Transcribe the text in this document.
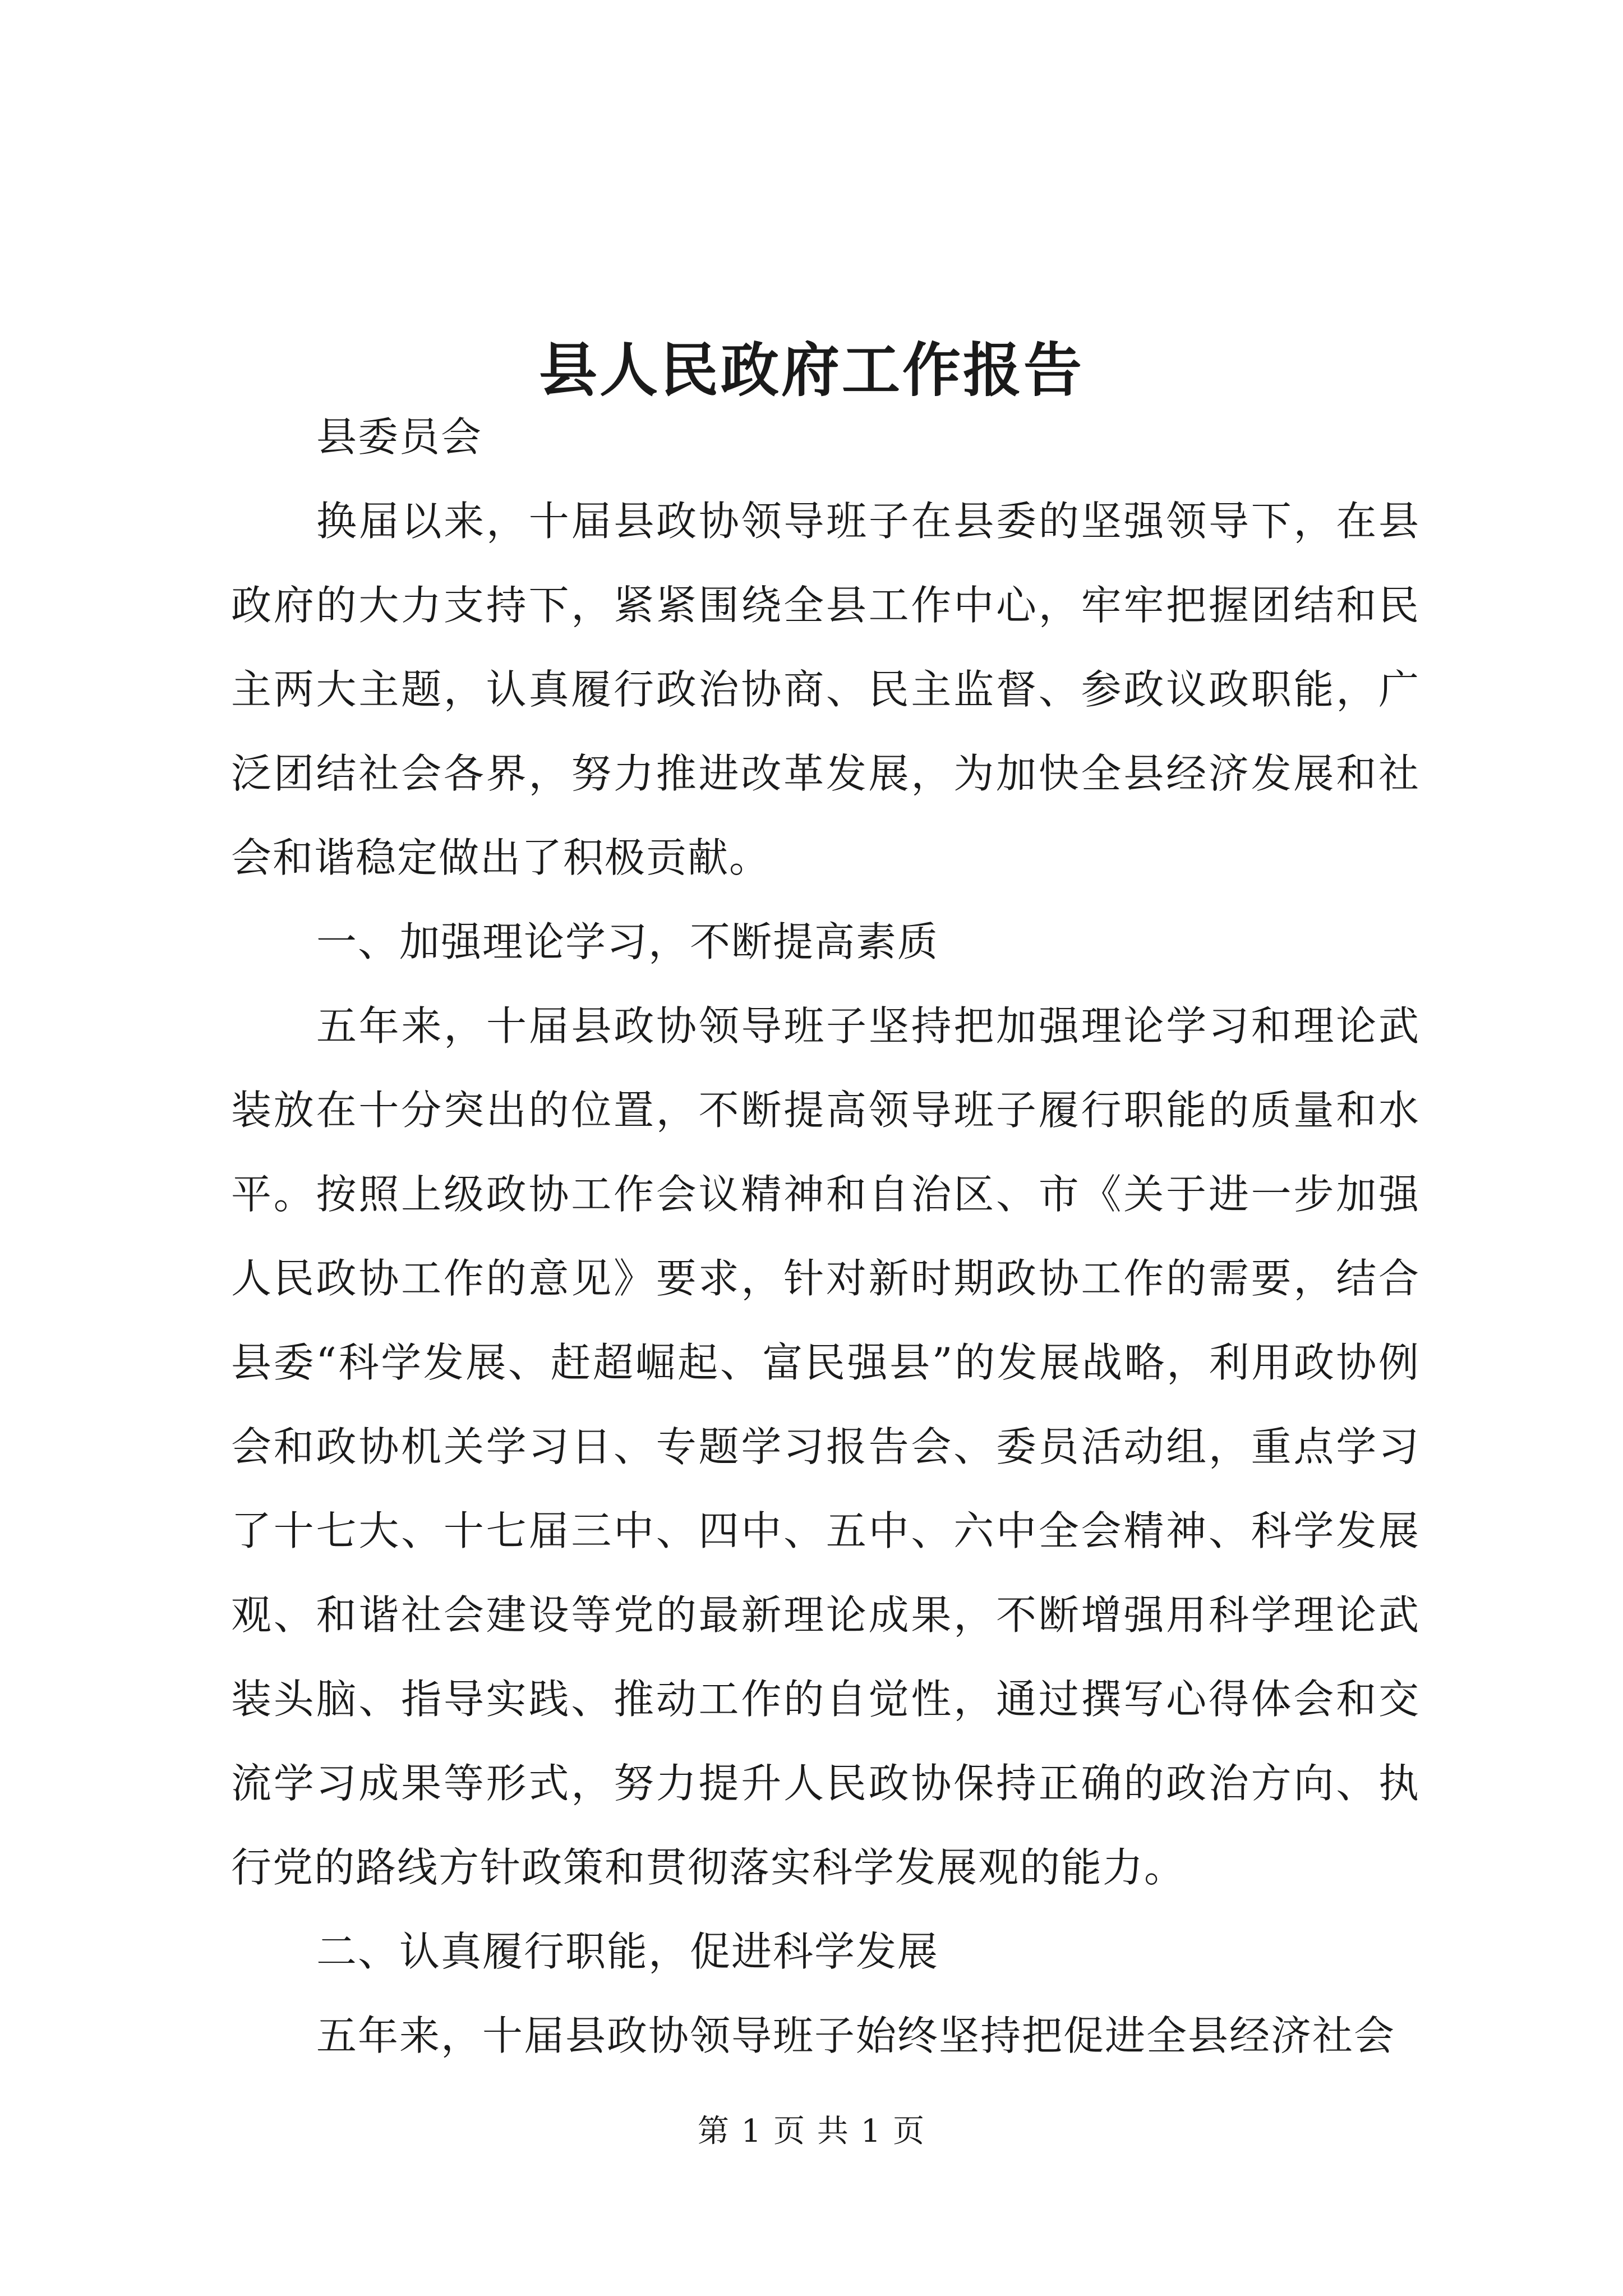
县人民政府工作报告

县委员会

换届以来，十届县政协领导班子在县委的坚强领导下，在县政府的大力支持下，紧紧围绕全县工作中心，牢牢把握团结和民主两大主题，认真履行政治协商、民主监督、参政议政职能，广泛团结社会各界，努力推进改革发展，为加快全县经济发展和社会和谐稳定做出了积极贡献。

一、加强理论学习，不断提高素质

五年来，十届县政协领导班子坚持把加强理论学习和理论武装放在十分突出的位置，不断提高领导班子履行职能的质量和水平。按照上级政协工作会议精神和自治区、市《关于进一步加强人民政协工作的意见》要求，针对新时期政协工作的需要，结合县委“科学发展、赶超崛起、富民强县”的发展战略，利用政协例会和政协机关学习日、专题学习报告会、委员活动组，重点学习了十七大、十七届三中、四中、五中、六中全会精神、科学发展观、和谐社会建设等党的最新理论成果，不断增强用科学理论武装头脑、指导实践、推动工作的自觉性，通过撰写心得体会和交流学习成果等形式，努力提升人民政协保持正确的政治方向、执行党的路线方针政策和贯彻落实科学发展观的能力。

二、认真履行职能，促进科学发展

五年来，十届县政协领导班子始终坚持把促进全县经济社会

第 1 页 共 1 页
